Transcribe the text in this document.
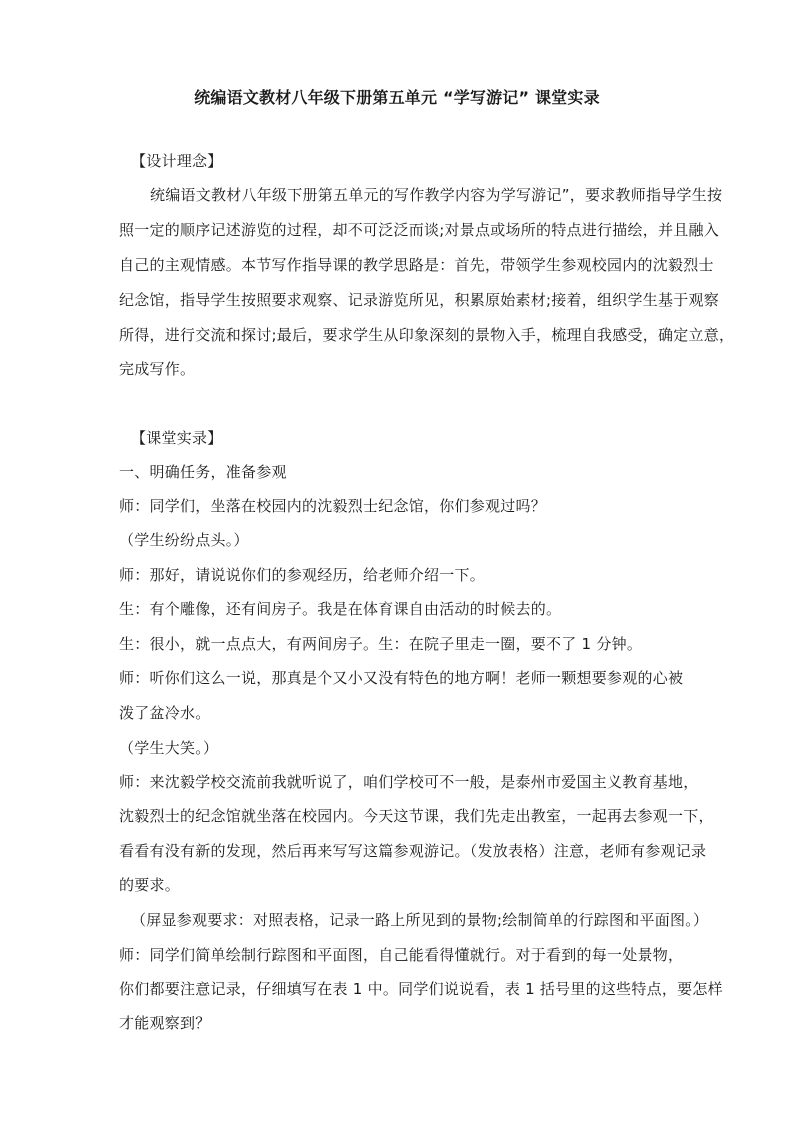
统编语文教材八年级下册第五单元 “学写游记” 课堂实录
【设计理念】
统编语文教材八年级下册第五单元的写作教学内容为学写游记”，要求教师指导学生按
照一定的顺序记述游览的过程，却不可泛泛而谈;对景点或场所的特点进行描绘，并且融入
自己的主观情感。本节写作指导课的教学思路是：首先，带领学生参观校园内的沈毅烈士
纪念馆，指导学生按照要求观察、记录游览所见，积累原始素材;接着，组织学生基于观察
所得，进行交流和探讨;最后，要求学生从印象深刻的景物入手，梳理自我感受，确定立意，
完成写作。
【课堂实录】
一、明确任务，准备参观
师：同学们，坐落在校园内的沈毅烈士纪念馆，你们参观过吗？
（学生纷纷点头。）
师：那好，请说说你们的参观经历，给老师介绍一下。
生：有个雕像，还有间房子。我是在体育课自由活动的时候去的。
生：很小，就一点点大，有两间房子。生：在院子里走一圈，要不了 1 分钟。
师：听你们这么一说，那真是个又小又没有特色的地方啊！老师一颗想要参观的心被
泼了盆冷水。
（学生大笑。）
师：来沈毅学校交流前我就听说了，咱们学校可不一般，是泰州市爱国主义教育基地，
沈毅烈士的纪念馆就坐落在校园内。今天这节课，我们先走出教室，一起再去参观一下，
看看有没有新的发现，然后再来写写这篇参观游记。（发放表格）注意，老师有参观记录
的要求。
（屏显参观要求：对照表格，记录一路上所见到的景物;绘制简单的行踪图和平面图。）
师：同学们简单绘制行踪图和平面图，自己能看得懂就行。对于看到的每一处景物，
你们都要注意记录，仔细填写在表 1 中。同学们说说看，表 1 括号里的这些特点，要怎样
才能观察到？
